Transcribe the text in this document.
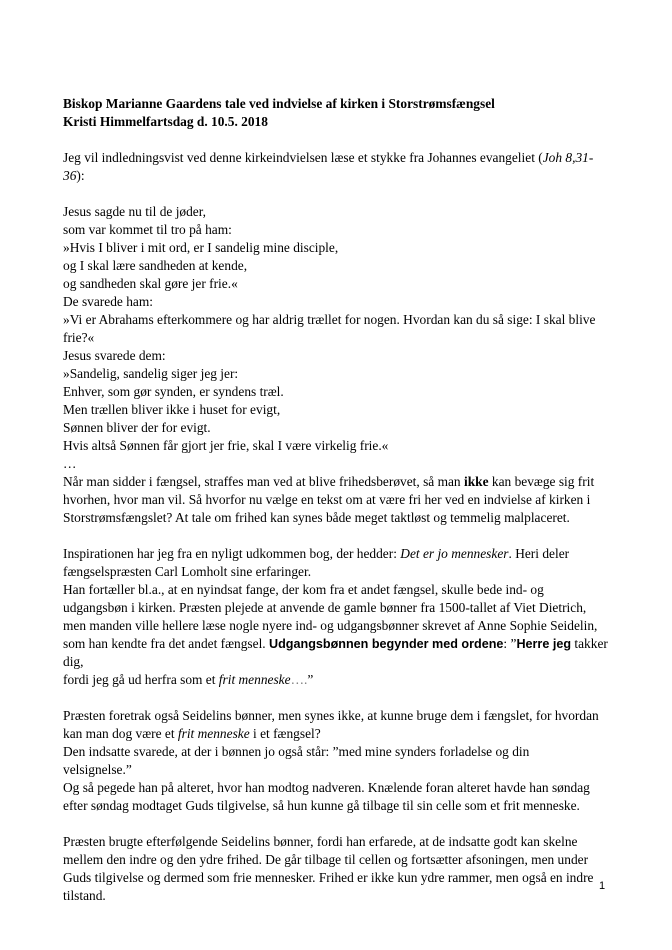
Biskop Marianne Gaardens tale ved indvielse af kirken i Storstrømsfængsel

Kristi Himmelfartsdag d. 10.5. 2018

Jeg vil indledningsvist ved denne kirkeindvielsen læse et stykke fra Johannes evangeliet (Joh 8,31-
36):

Jesus sagde nu til de jøder,

som var kommet til tro på ham:

»Hvis I bliver i mit ord, er I sandelig mine disciple,

og I skal lære sandheden at kende,

og sandheden skal gøre jer frie.«

De svarede ham:

»Vi er Abrahams efterkommere og har aldrig trællet for nogen. Hvordan kan du så sige: I skal blive

frie?«

Jesus svarede dem:

»Sandelig, sandelig siger jeg jer:

Enhver, som gør synden, er syndens træl.

Men trællen bliver ikke i huset for evigt,

Sønnen bliver der for evigt.

Hvis altså Sønnen får gjort jer frie, skal I være virkelig frie.«

…

Når man sidder i fængsel, straffes man ved at blive frihedsberøvet, så man ikke kan bevæge sig frit

hvorhen, hvor man vil. Så hvorfor nu vælge en tekst om at være fri her ved en indvielse af kirken i

Storstrømsfængslet? At tale om frihed kan synes både meget taktløst og temmelig malplaceret.

Inspirationen har jeg fra en nyligt udkommen bog, der hedder: Det er jo mennesker. Heri deler

fængselspræsten Carl Lomholt sine erfaringer.

Han fortæller bl.a., at en nyindsat fange, der kom fra et andet fængsel, skulle bede ind- og

udgangsbøn i kirken. Præsten plejede at anvende de gamle bønner fra 1500-tallet af Viet Dietrich,

men manden ville hellere læse nogle nyere ind- og udgangsbønner skrevet af Anne Sophie Seidelin,

som han kendte fra det andet fængsel. Udgangsbønnen begynder med ordene: ”Herre jeg takker dig,

fordi jeg gå ud herfra som et frit menneske….”

Præsten foretrak også Seidelins bønner, men synes ikke, at kunne bruge dem i fængslet, for hvordan

kan man dog være et frit menneske i et fængsel?

Den indsatte svarede, at der i bønnen jo også står: ”med mine synders forladelse og din

velsignelse.”

Og så pegede han på alteret, hvor han modtog nadveren. Knælende foran alteret havde han søndag

efter søndag modtaget Guds tilgivelse, så hun kunne gå tilbage til sin celle som et frit menneske.

Præsten brugte efterfølgende Seidelins bønner, fordi han erfarede, at de indsatte godt kan skelne

mellem den indre og den ydre frihed. De går tilbage til cellen og fortsætter afsoningen, men under

Guds tilgivelse og dermed som frie mennesker. Frihed er ikke kun ydre rammer, men også en indre

tilstand.

1
